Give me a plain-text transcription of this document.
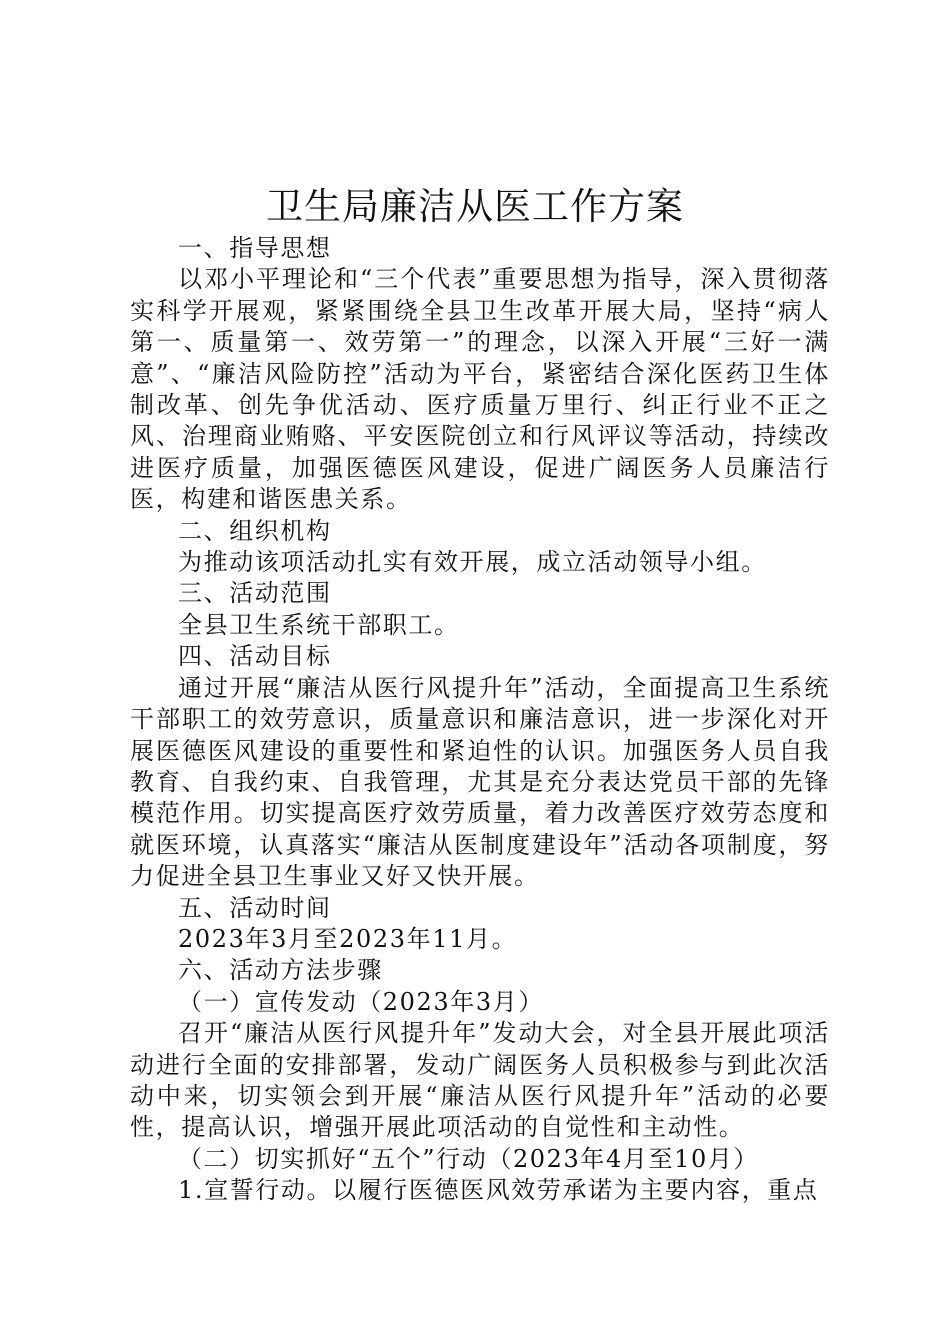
卫生局廉洁从医工作方案

一、指导思想

以邓小平理论和“三个代表”重要思想为指导，深入贯彻落实科学开展观，紧紧围绕全县卫生改革开展大局，坚持“病人第一、质量第一、效劳第一”的理念，以深入开展“三好一满意”、“廉洁风险防控”活动为平台，紧密结合深化医药卫生体制改革、创先争优活动、医疗质量万里行、纠正行业不正之风、治理商业贿赂、平安医院创立和行风评议等活动，持续改进医疗质量，加强医德医风建设，促进广阔医务人员廉洁行医，构建和谐医患关系。

二、组织机构

为推动该项活动扎实有效开展，成立活动领导小组。

三、活动范围

全县卫生系统干部职工。

四、活动目标

通过开展“廉洁从医行风提升年”活动，全面提高卫生系统干部职工的效劳意识，质量意识和廉洁意识，进一步深化对开展医德医风建设的重要性和紧迫性的认识。加强医务人员自我教育、自我约束、自我管理，尤其是充分表达党员干部的先锋模范作用。切实提高医疗效劳质量，着力改善医疗效劳态度和就医环境，认真落实“廉洁从医制度建设年”活动各项制度，努力促进全县卫生事业又好又快开展。

五、活动时间

2023年3月至2023年11月。

六、活动方法步骤

（一）宣传发动（2023年3月）

召开“廉洁从医行风提升年”发动大会，对全县开展此项活动进行全面的安排部署，发动广阔医务人员积极参与到此次活动中来，切实领会到开展“廉洁从医行风提升年”活动的必要性，提高认识，增强开展此项活动的自觉性和主动性。

（二）切实抓好“五个”行动（2023年4月至10月）

1.宣誓行动。以履行医德医风效劳承诺为主要内容，重点
